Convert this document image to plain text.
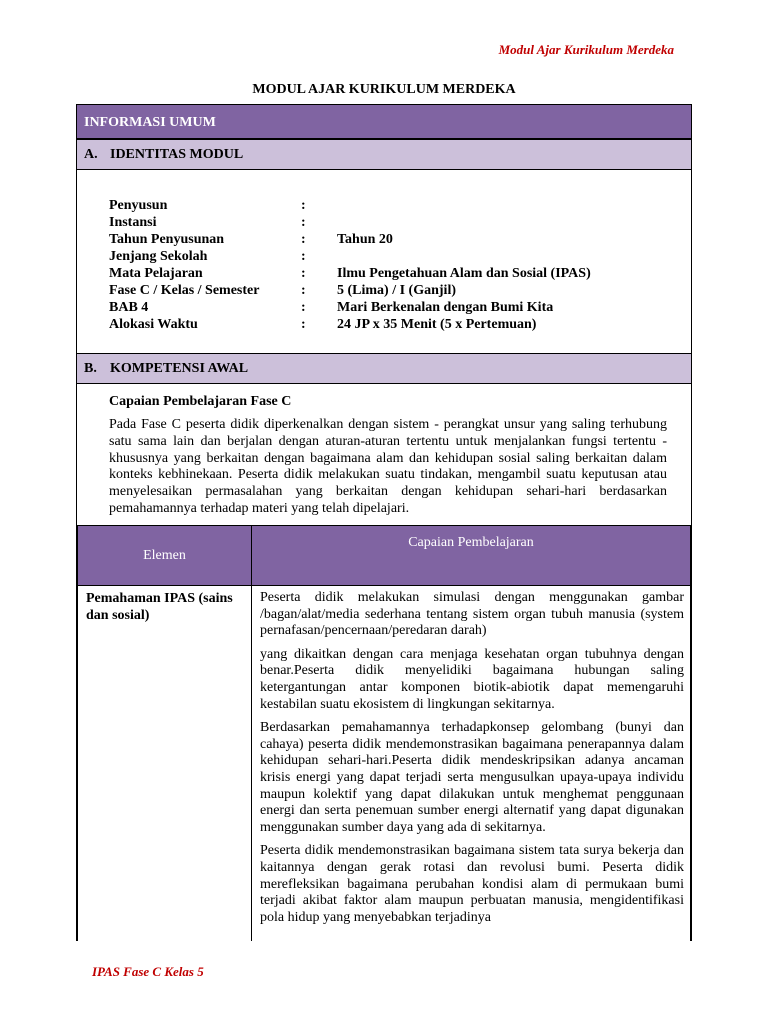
Modul Ajar Kurikulum Merdeka
MODUL AJAR KURIKULUM MERDEKA
INFORMASI UMUM
A. IDENTITAS MODUL
Penyusun	:
Instansi	:
Tahun Penyusunan	: Tahun 20
Jenjang Sekolah	:
Mata Pelajaran	: Ilmu Pengetahuan Alam dan Sosial (IPAS)
Fase C / Kelas / Semester	: 5 (Lima) / I (Ganjil)
BAB 4	: Mari Berkenalan dengan Bumi Kita
Alokasi Waktu	: 24 JP x 35 Menit (5 x Pertemuan)
B. KOMPETENSI AWAL
Capaian Pembelajaran Fase C
Pada Fase C peserta didik diperkenalkan dengan sistem - perangkat unsur yang saling terhubung satu sama lain dan berjalan dengan aturan-aturan tertentu untuk menjalankan fungsi tertentu - khususnya yang berkaitan dengan bagaimana alam dan kehidupan sosial saling berkaitan dalam konteks kebhinekaan. Peserta didik melakukan suatu tindakan, mengambil suatu keputusan atau menyelesaikan permasalahan yang berkaitan dengan kehidupan sehari-hari berdasarkan pemahamannya terhadap materi yang telah dipelajari.
Elemen	Capaian Pembelajaran
Pemahaman IPAS (sains dan sosial)	Peserta didik melakukan simulasi dengan menggunakan gambar /bagan/alat/media sederhana tentang sistem organ tubuh manusia (system pernafasan/pencernaan/peredaran darah)

yang dikaitkan dengan cara menjaga kesehatan organ tubuhnya dengan benar.Peserta didik menyelidiki bagaimana hubungan saling ketergantungan antar komponen biotik-abiotik dapat memengaruhi kestabilan suatu ekosistem di lingkungan sekitarnya.

Berdasarkan pemahamannya terhadapkonsep gelombang (bunyi dan cahaya) peserta didik mendemonstrasikan bagaimana penerapannya dalam kehidupan sehari-hari.Peserta didik mendeskripsikan adanya ancaman krisis energi yang dapat terjadi serta mengusulkan upaya-upaya individu maupun kolektif yang dapat dilakukan untuk menghemat penggunaan energi dan serta penemuan sumber energi alternatif yang dapat digunakan menggunakan sumber daya yang ada di sekitarnya.

Peserta didik mendemonstrasikan bagaimana sistem tata surya bekerja dan kaitannya dengan gerak rotasi dan revolusi bumi. Peserta didik merefleksikan bagaimana perubahan kondisi alam di permukaan bumi terjadi akibat faktor alam maupun perbuatan manusia, mengidentifikasi pola hidup yang menyebabkan terjadinya

IPAS Fase C Kelas 5
